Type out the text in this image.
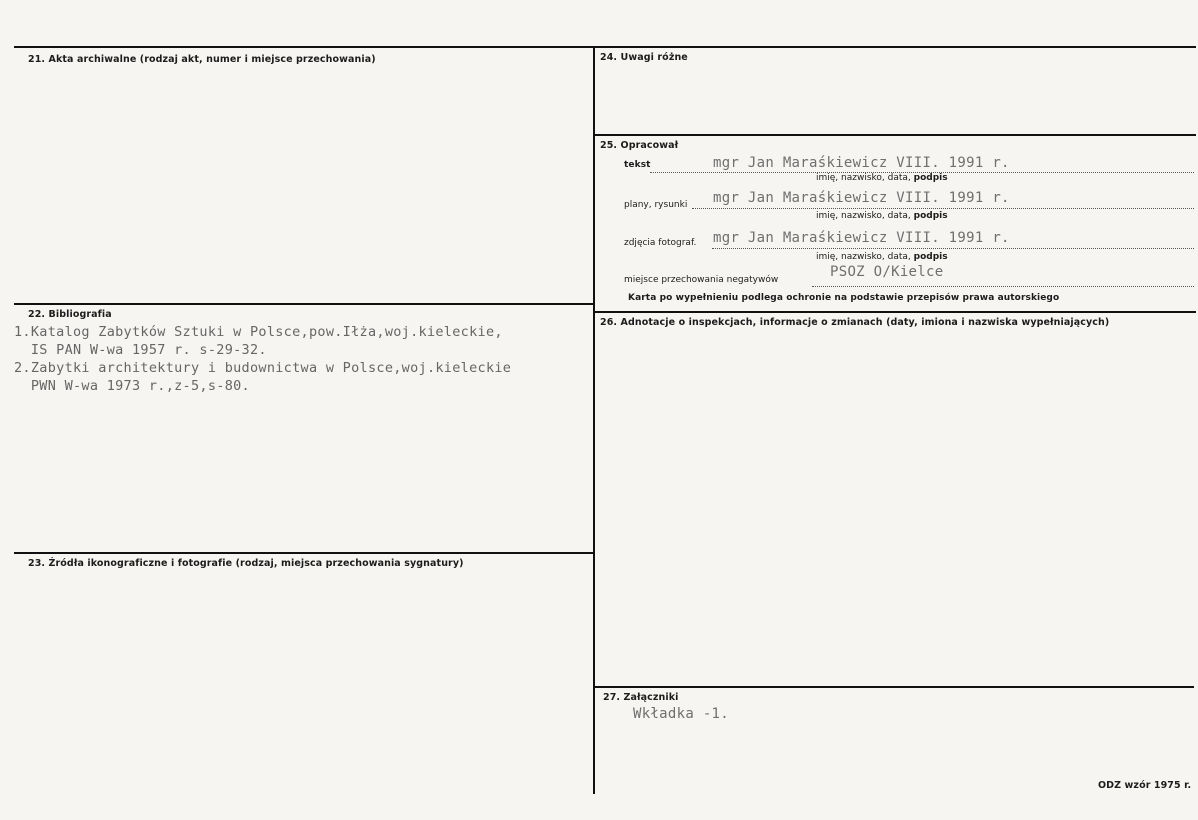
21. Akta archiwalne (rodzaj akt, numer i miejsce przechowania)
22. Bibliografia
23. Źródła ikonograficzne i fotografie (rodzaj, miejsca przechowania sygnatury)
24. Uwagi różne
25. Opracował
26. Adnotacje o inspekcjach, informacje o zmianach (daty, imiona i nazwiska wypełniających)
27. Załączniki
1.Katalog Zabytków Sztuki w Polsce,pow.Iłża,woj.kieleckie,
IS PAN W-wa 1957 r. s-29-32.
2.Zabytki architektury i budownictwa w Polsce,woj.kieleckie
PWN W-wa 1973 r.,z-5,s-80.
tekst	mgr Jan Maraśkiewicz VIII. 1991 r.
imię, nazwisko, data, podpis
plany, rysunki mgr Jan Maraśkiewicz VIII. 1991 r.
imię, nazwisko, data, podpis
zdjęcia fotograf. mgr Jan Maraśkiewicz VIII. 1991 r.
imię, nazwisko, data, podpis
miejsce przechowania negatywów	PSOZ O/Kielce
Karta po wypełnieniu podlega ochronie na podstawie przepisów prawa autorskiego
Wkładka -1.
ODZ wzór 1975 r.
